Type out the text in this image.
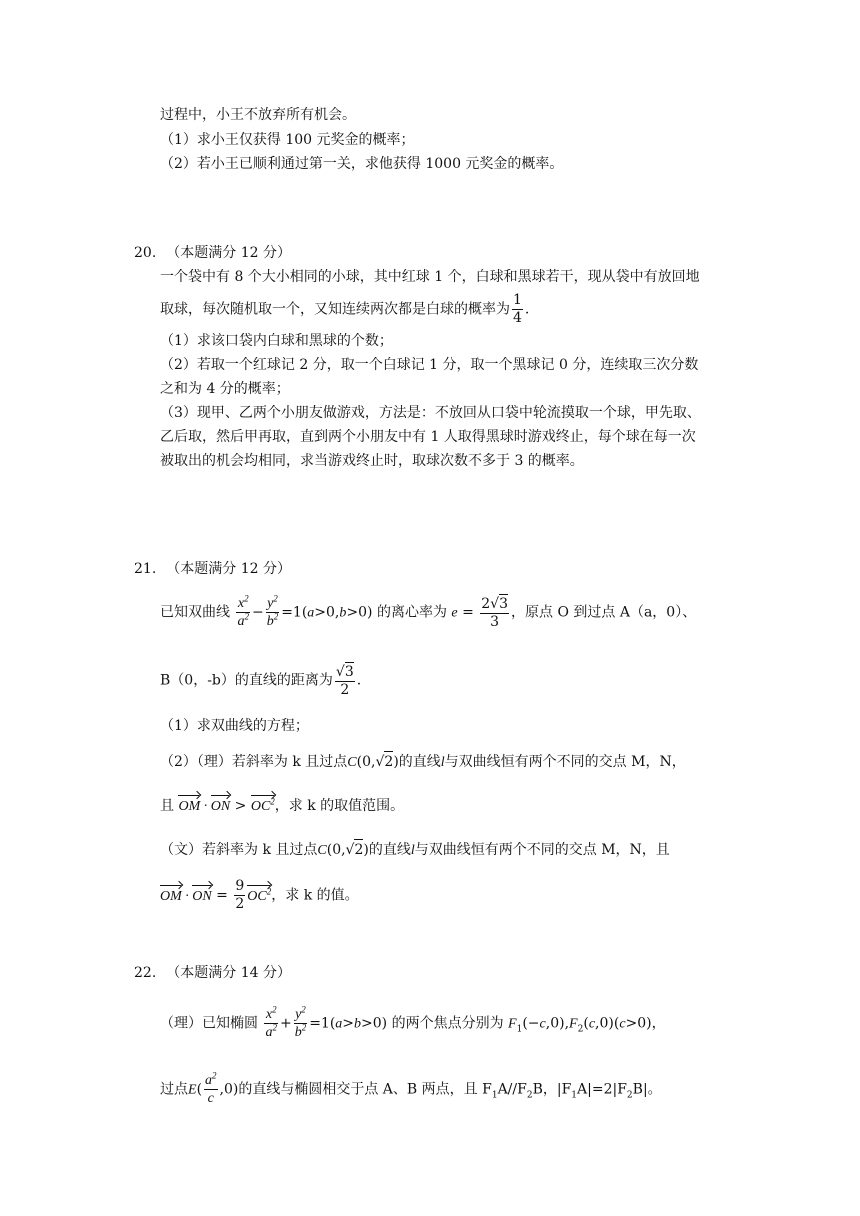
过程中，小王不放弃所有机会。
（1）求小王仅获得 100 元奖金的概率；
（2）若小王已顺利通过第一关，求他获得 1000 元奖金的概率。
20. （本题满分 12 分）
一个袋中有 8 个大小相同的小球，其中红球 1 个，白球和黑球若干，现从袋中有放回地
取球，每次随机取一个，又知连续两次都是白球的概率为 $\frac{1}{4}$ .
（1）求该口袋内白球和黑球的个数；
（2）若取一个红球记 2 分，取一个白球记 1 分，取一个黑球记 0 分，连续取三次分数
之和为 4 分的概率；
（3）现甲、乙两个小朋友做游戏，方法是：不放回从口袋中轮流摸取一个球，甲先取、
乙后取，然后甲再取，直到两个小朋友中有 1 人取得黑球时游戏终止，每个球在每一次
被取出的机会均相同，求当游戏终止时，取球次数不多于 3 的概率。
21. （本题满分 12 分）
已知双曲线 $\frac{x^2}{a^2} - \frac{y^2}{b^2} =1(a>0,b>0)$ 的离心率为 $e = \frac{2√3}{3}$ ，原点 O 到过点 A（a，0）、
B（0，-b）的直线的距离为 $\frac{√3}{2}$ .
（1）求双曲线的方程；
（2）（理）若斜率为 k 且过点C(0,√2)的直线l与双曲线恒有两个不同的交点 M，N，
且 OM · ON > $OC^2$，求 k 的取值范围。
（文）若斜率为 k 且过点C(0,√2)的直线l与双曲线恒有两个不同的交点 M，N，且
OM · ON = $\frac{9}{2} OC^2$，求 k 的值。
22. （本题满分 14 分）
（理）已知椭圆 $\frac{x^2}{a^2} + \frac{y^2}{b^2} =1(a>b>0)$ 的两个焦点分别为 $F_1(-c,0),F_2(c,0)(c>0)$，
过点$E( \frac{a^2}{c} ,0)$的直线与椭圆相交于点 A、B 两点，且 $F_1A//F_2B$，$|F_1A|=2|F_2B|$。
